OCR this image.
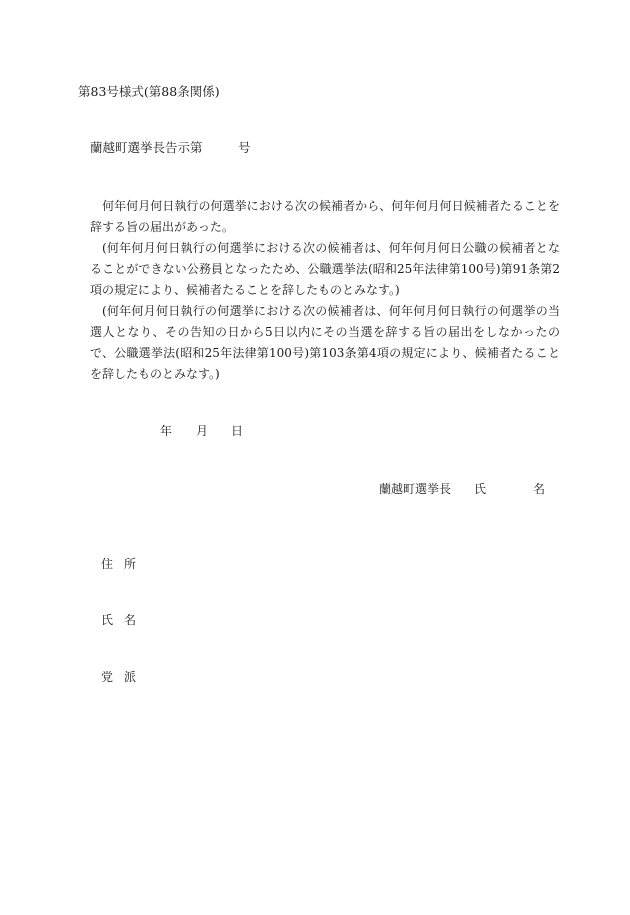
第83号様式(第88条関係)
蘭越町選挙長告示第	号
何年何月何日執行の何選挙における次の候補者から、何年何月何日候補者たることを辞する旨の届出があった。
(何年何月何日執行の何選挙における次の候補者は、何年何月何日公職の候補者となることができない公務員となったため、公職選挙法(昭和25年法律第100号)第91条第2項の規定により、候補者たることを辞したものとみなす。)
(何年何月何日執行の何選挙における次の候補者は、何年何月何日執行の何選挙の当選人となり、その告知の日から5日以内にその当選を辞する旨の届出をしなかったので、公職選挙法(昭和25年法律第100号)第103条第4項の規定により、候補者たることを辞したものとみなす。)
年 月 日
蘭越町選挙長 氏	名
住 所
氏 名
党 派
